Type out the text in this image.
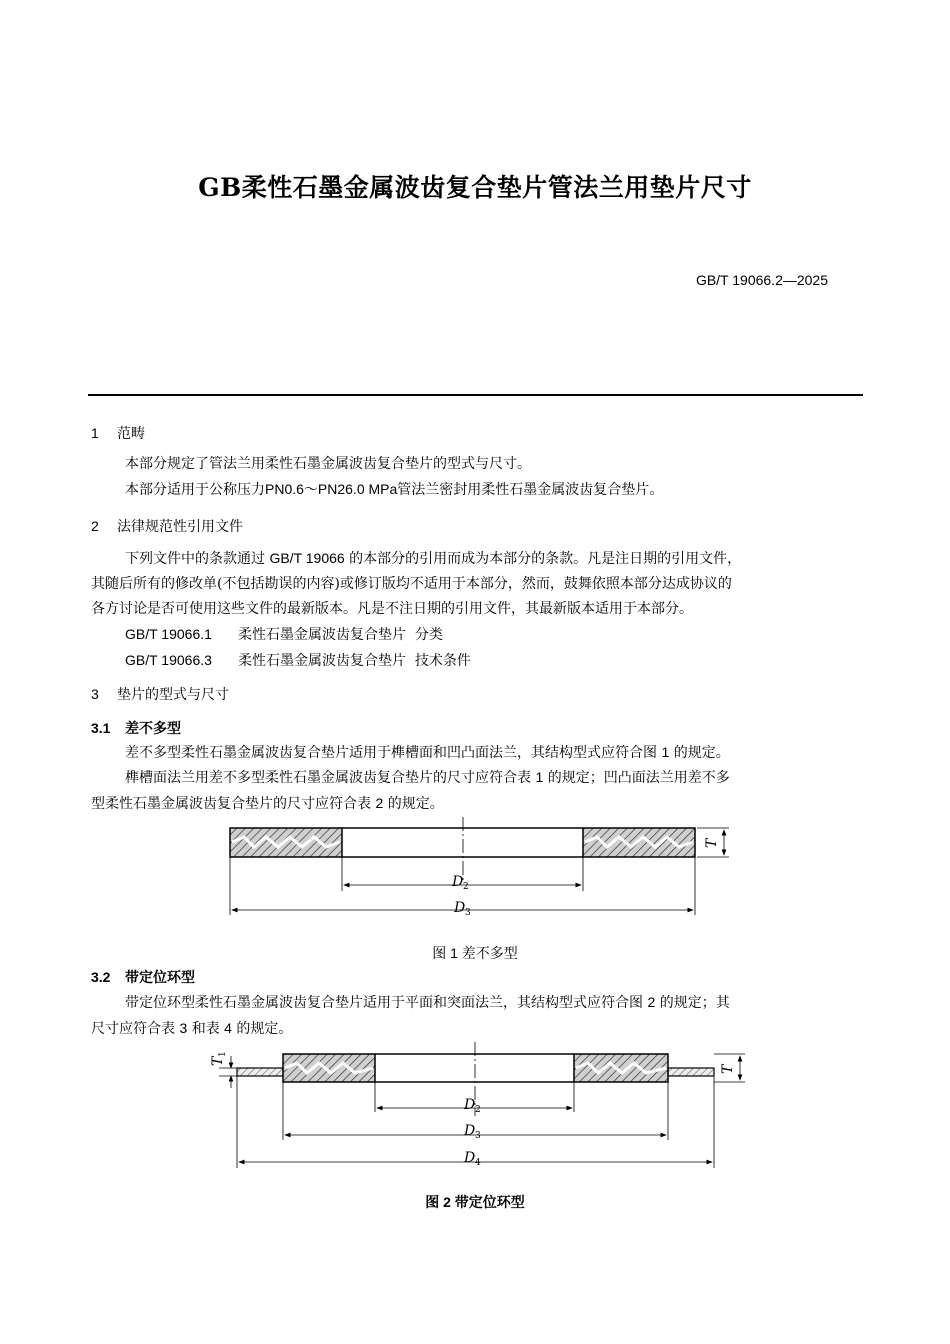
GB柔性石墨金属波齿复合垫片管法兰用垫片尺寸
GB/T 19066.2—2025
1 范畴
本部分规定了管法兰用柔性石墨金属波齿复合垫片的型式与尺寸。
本部分适用于公称压力PN0.6～PN26.0 MPa管法兰密封用柔性石墨金属波齿复合垫片。
2 法律规范性引用文件
下列文件中的条款通过 GB/T 19066 的本部分的引用而成为本部分的条款。凡是注日期的引用文件，
其随后所有的修改单(不包括勘误的内容)或修订版均不适用于本部分，然而，鼓舞依照本部分达成协议的
各方讨论是否可使用这些文件的最新版本。凡是不注日期的引用文件，其最新版本适用于本部分。
GB/T 19066.1 柔性石墨金属波齿复合垫片  分类
GB/T 19066.3 柔性石墨金属波齿复合垫片  技术条件
3 垫片的型式与尺寸
3.1 差不多型
差不多型柔性石墨金属波齿复合垫片适用于榫槽面和凹凸面法兰，其结构型式应符合图 1 的规定。
榫槽面法兰用差不多型柔性石墨金属波齿复合垫片的尺寸应符合表 1 的规定；凹凸面法兰用差不多
型柔性石墨金属波齿复合垫片的尺寸应符合表 2 的规定。
T
D 2
D 3
图 1 差不多型
3.2 带定位环型
带定位环型柔性石墨金属波齿复合垫片适用于平面和突面法兰，其结构型式应符合图 2 的规定；其
尺寸应符合表 3 和表 4 的规定。
T
1
T
D 2
D 3
D 4
图 2 带定位环型
